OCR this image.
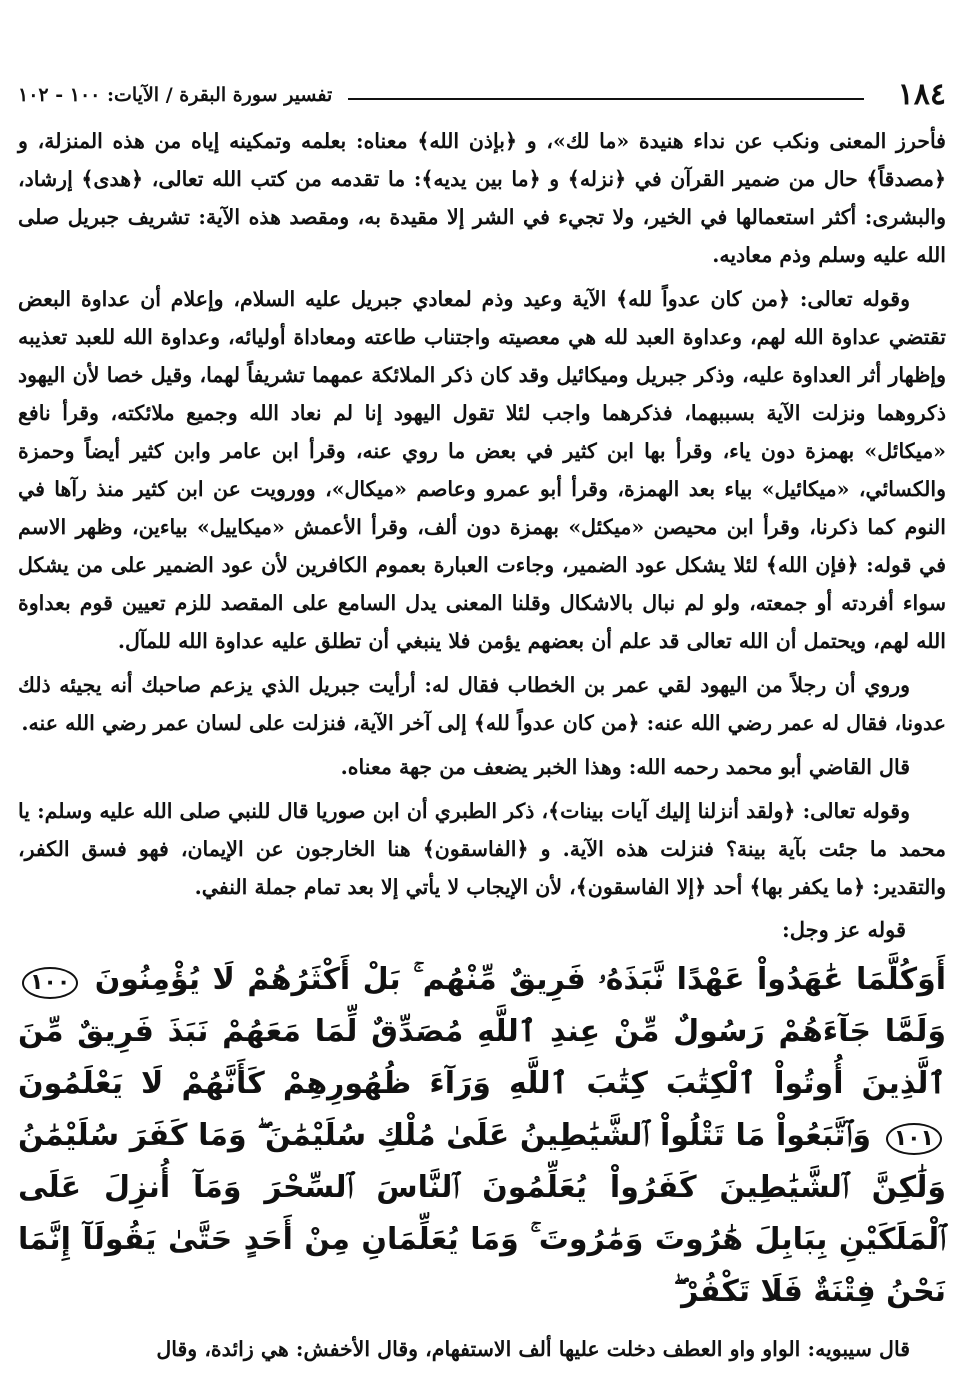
١٨٤
تفسير سورة البقرة / الآيات: ١٠٠ - ١٠٢

فأحرز المعنى ونكب عن نداء هنيدة «ما لك»، و ﴿بإذن الله﴾ معناه: بعلمه وتمكينه إياه من هذه المنزلة، و ﴿مصدقاً﴾ حال من ضمير القرآن في ﴿نزله﴾ و ﴿ما بين يديه﴾: ما تقدمه من كتب الله تعالى، ﴿هدى﴾ إرشاد، والبشرى: أكثر استعمالها في الخير، ولا تجيء في الشر إلا مقيدة به، ومقصد هذه الآية: تشريف جبريل صلى الله عليه وسلم وذم معاديه.

وقوله تعالى: ﴿من كان عدواً لله﴾ الآية وعيد وذم لمعادي جبريل عليه السلام، وإعلام أن عداوة البعض تقتضي عداوة الله لهم، وعداوة العبد لله هي معصيته واجتناب طاعته ومعاداة أوليائه، وعداوة الله للعبد تعذيبه وإظهار أثر العداوة عليه، وذكر جبريل وميكائيل وقد كان ذكر الملائكة عمهما تشريفاً لهما، وقيل خصا لأن اليهود ذكروهما ونزلت الآية بسببهما، فذكرهما واجب لئلا تقول اليهود إنا لم نعاد الله وجميع ملائكته، وقرأ نافع «ميكائل» بهمزة دون ياء، وقرأ بها ابن كثير في بعض ما روي عنه، وقرأ ابن عامر وابن كثير أيضاً وحمزة والكسائي، «ميكائيل» بياء بعد الهمزة، وقرأ أبو عمرو وعاصم «ميكال»، وورويت عن ابن كثير منذ رآها في النوم كما ذكرنا، وقرأ ابن محيصن «ميكئل» بهمزة دون ألف، وقرأ الأعمش «ميكاييل» بياءين، وظهر الاسم في قوله: ﴿فإن الله﴾ لئلا يشكل عود الضمير، وجاءت العبارة بعموم الكافرين لأن عود الضمير على من يشكل سواء أفردته أو جمعته، ولو لم نبال بالاشكال وقلنا المعنى يدل السامع على المقصد للزم تعيين قوم بعداوة الله لهم، ويحتمل أن الله تعالى قد علم أن بعضهم يؤمن فلا ينبغي أن تطلق عليه عداوة الله للمآل.

وروي أن رجلاً من اليهود لقي عمر بن الخطاب فقال له: أرأيت جبريل الذي يزعم صاحبك أنه يجيئه ذلك عدونا، فقال له عمر رضي الله عنه: ﴿من كان عدواً لله﴾ إلى آخر الآية، فنزلت على لسان عمر رضي الله عنه.

قال القاضي أبو محمد رحمه الله: وهذا الخبر يضعف من جهة معناه.

وقوله تعالى: ﴿ولقد أنزلنا إليك آيات بينات﴾، ذكر الطبري أن ابن صوريا قال للنبي صلى الله عليه وسلم: يا محمد ما جئت بآية بينة؟ فنزلت هذه الآية. و ﴿الفاسقون﴾ هنا الخارجون عن الإيمان، فهو فسق الكفر، والتقدير: ﴿ما يكفر بها﴾ أحد ﴿إلا الفاسقون﴾، لأن الإيجاب لا يأتي إلا بعد تمام جملة النفي.

قوله عز وجل:
أَوَكُلَّمَا عَٰهَدُواْ عَهْدًا نَّبَذَهُۥ فَرِيقٌ مِّنْهُم ۚ بَلْ أَكْثَرُهُمْ لَا يُؤْمِنُونَ ١٠٠ وَلَمَّا جَآءَهُمْ رَسُولٌ مِّنْ عِندِ ٱللَّهِ مُصَدِّقٌ لِّمَا مَعَهُمْ نَبَذَ فَرِيقٌ مِّنَ ٱلَّذِينَ أُوتُواْ ٱلْكِتَٰبَ كِتَٰبَ ٱللَّهِ وَرَآءَ ظُهُورِهِمْ كَأَنَّهُمْ لَا يَعْلَمُونَ ١٠١ وَٱتَّبَعُواْ مَا تَتْلُواْ ٱلشَّيَٰطِينُ عَلَىٰ مُلْكِ سُلَيْمَٰنَ ۖ وَمَا كَفَرَ سُلَيْمَٰنُ وَلَٰكِنَّ ٱلشَّيَٰطِينَ كَفَرُواْ يُعَلِّمُونَ ٱلنَّاسَ ٱلسِّحْرَ وَمَآ أُنزِلَ عَلَى ٱلْمَلَكَيْنِ بِبَابِلَ هَٰرُوتَ وَمَٰرُوتَ ۚ وَمَا يُعَلِّمَانِ مِنْ أَحَدٍ حَتَّىٰ يَقُولَآ إِنَّمَا نَحْنُ فِتْنَةٌ فَلَا تَكْفُرْ ۖ

قال سيبويه: الواو واو العطف دخلت عليها ألف الاستفهام، وقال الأخفش: هي زائدة، وقال
